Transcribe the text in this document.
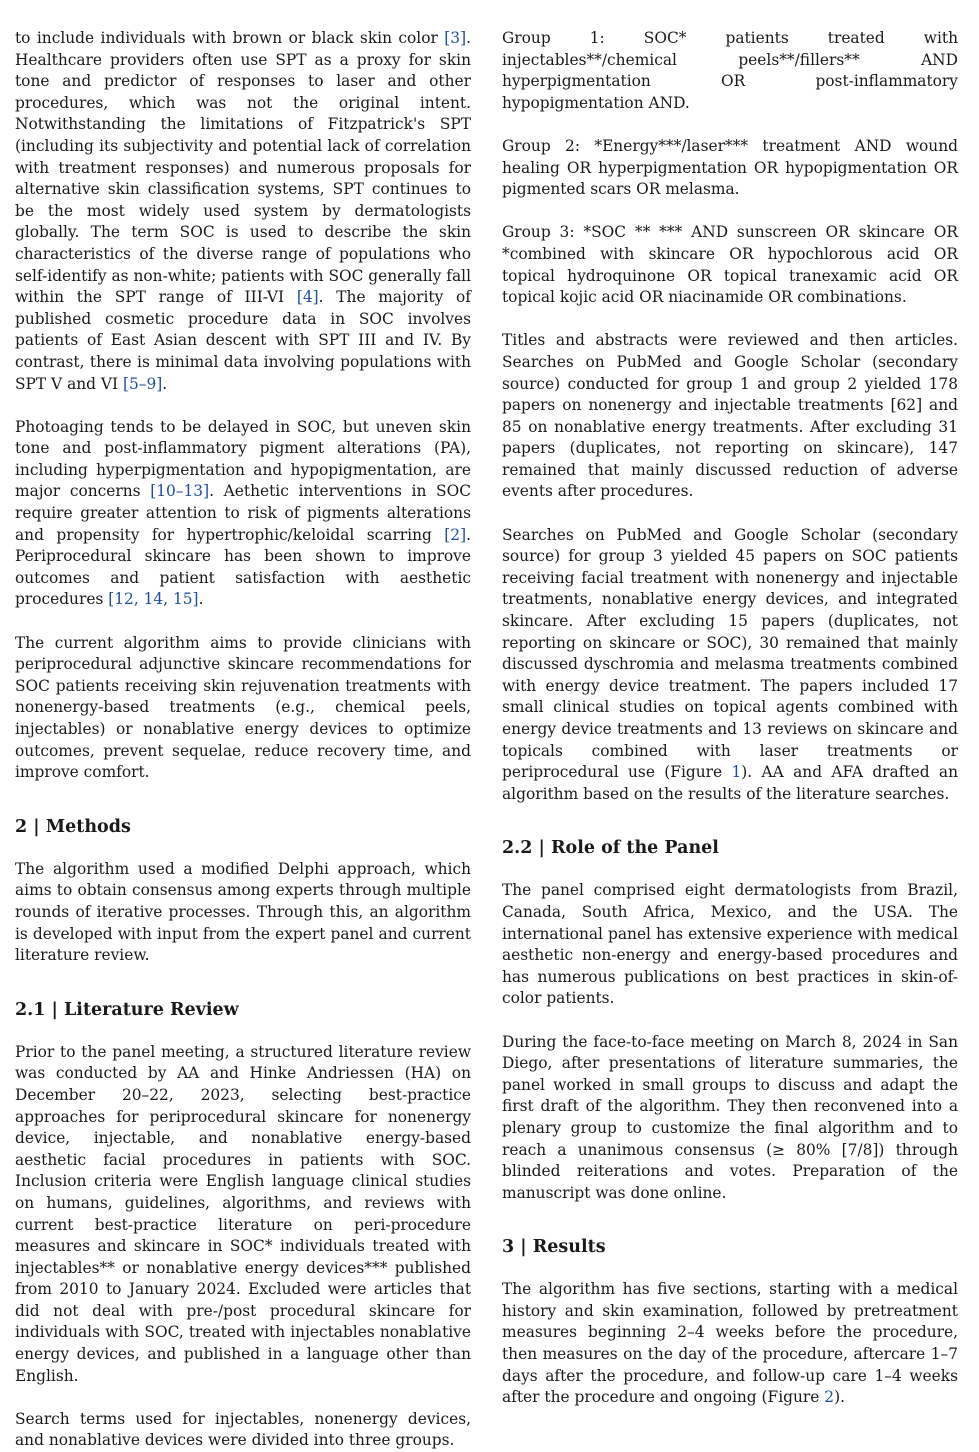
to include individuals with brown or black skin color [3]. Healthcare providers often use SPT as a proxy for skin tone and predictor of responses to laser and other procedures, which was not the original intent. Notwithstanding the limitations of Fitzpatrick's SPT (including its subjectivity and potential lack of correlation with treatment responses) and numerous proposals for alternative skin classification systems, SPT continues to be the most widely used system by dermatologists globally. The term SOC is used to describe the skin characteristics of the diverse range of populations who self-identify as non-white; patients with SOC generally fall within the SPT range of III-VI [4]. The majority of published cosmetic procedure data in SOC involves patients of East Asian descent with SPT III and IV. By contrast, there is minimal data involving populations with SPT V and VI [5–9].

Photoaging tends to be delayed in SOC, but uneven skin tone and post-inflammatory pigment alterations (PA), including hyperpigmentation and hypopigmentation, are major concerns [10–13]. Aethetic interventions in SOC require greater attention to risk of pigments alterations and propensity for hypertrophic/keloidal scarring [2]. Periprocedural skincare has been shown to improve outcomes and patient satisfaction with aesthetic procedures [12, 14, 15].

The current algorithm aims to provide clinicians with periprocedural adjunctive skincare recommendations for SOC patients receiving skin rejuvenation treatments with nonenergy-based treatments (e.g., chemical peels, injectables) or nonablative energy devices to optimize outcomes, prevent sequelae, reduce recovery time, and improve comfort.

2 | Methods

The algorithm used a modified Delphi approach, which aims to obtain consensus among experts through multiple rounds of iterative processes. Through this, an algorithm is developed with input from the expert panel and current literature review.

2.1 | Literature Review

Prior to the panel meeting, a structured literature review was conducted by AA and Hinke Andriessen (HA) on December 20–22, 2023, selecting best-practice approaches for periprocedural skincare for nonenergy device, injectable, and nonablative energy-based aesthetic facial procedures in patients with SOC. Inclusion criteria were English language clinical studies on humans, guidelines, algorithms, and reviews with current best-practice literature on peri-procedure measures and skincare in SOC* individuals treated with injectables** or nonablative energy devices*** published from 2010 to January 2024. Excluded were articles that did not deal with pre-/post procedural skincare for individuals with SOC, treated with injectables nonablative energy devices, and published in a language other than English.

Search terms used for injectables, nonenergy devices, and nonablative devices were divided into three groups.

Group 1: SOC* patients treated with injectables**/chemical peels**/fillers** AND hyperpigmentation OR post-inflammatory hypopigmentation AND.

Group 2: *Energy***/laser*** treatment AND wound healing OR hyperpigmentation OR hypopigmentation OR pigmented scars OR melasma.

Group 3: *SOC ** *** AND sunscreen OR skincare OR *combined with skincare OR hypochlorous acid OR topical hydroquinone OR topical tranexamic acid OR topical kojic acid OR niacinamide OR combinations.

Titles and abstracts were reviewed and then articles. Searches on PubMed and Google Scholar (secondary source) conducted for group 1 and group 2 yielded 178 papers on nonenergy and injectable treatments [62] and 85 on nonablative energy treatments. After excluding 31 papers (duplicates, not reporting on skincare), 147 remained that mainly discussed reduction of adverse events after procedures.

Searches on PubMed and Google Scholar (secondary source) for group 3 yielded 45 papers on SOC patients receiving facial treatment with nonenergy and injectable treatments, nonablative energy devices, and integrated skincare. After excluding 15 papers (duplicates, not reporting on skincare or SOC), 30 remained that mainly discussed dyschromia and melasma treatments combined with energy device treatment. The papers included 17 small clinical studies on topical agents combined with energy device treatments and 13 reviews on skincare and topicals combined with laser treatments or periprocedural use (Figure 1). AA and AFA drafted an algorithm based on the results of the literature searches.

2.2 | Role of the Panel

The panel comprised eight dermatologists from Brazil, Canada, South Africa, Mexico, and the USA. The international panel has extensive experience with medical aesthetic non-energy and energy-based procedures and has numerous publications on best practices in skin-of-color patients.

During the face-to-face meeting on March 8, 2024 in San Diego, after presentations of literature summaries, the panel worked in small groups to discuss and adapt the first draft of the algorithm. They then reconvened into a plenary group to customize the final algorithm and to reach a unanimous consensus (≥ 80% [7/8]) through blinded reiterations and votes. Preparation of the manuscript was done online.

3 | Results

The algorithm has five sections, starting with a medical history and skin examination, followed by pretreatment measures beginning 2–4 weeks before the procedure, then measures on the day of the procedure, aftercare 1–7 days after the procedure, and follow-up care 1–4 weeks after the procedure and ongoing (Figure 2).
